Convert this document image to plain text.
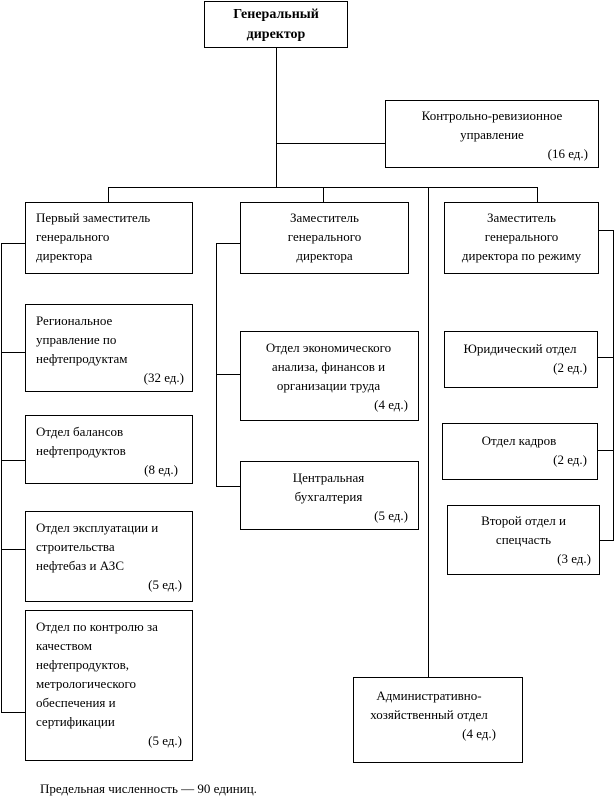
Генеральный
директор
Контрольно-ревизионное
управление
(16 ед.)
Первый заместитель
генерального
директора
Заместитель
генерального
директора
Заместитель
генерального
директора по режиму
Региональное
управление по
нефтепродуктам
(32 ед.)
Отдел балансов
нефтепродуктов
(8 ед.)
Отдел эксплуатации и
строительства
нефтебаз и АЗС
(5 ед.)
Отдел по контролю за
качеством
нефтепродуктов,
метрологического
обеспечения и
сертификации
(5 ед.)
Отдел экономического
анализа, финансов и
организации труда
(4 ед.)
Центральная
бухгалтерия
(5 ед.)
Юридический отдел
(2 ед.)
Отдел кадров
(2 ед.)
Второй отдел и
спецчасть
(3 ед.)
Административно-
хозяйственный отдел
(4 ед.)
Предельная численность — 90 единиц.
